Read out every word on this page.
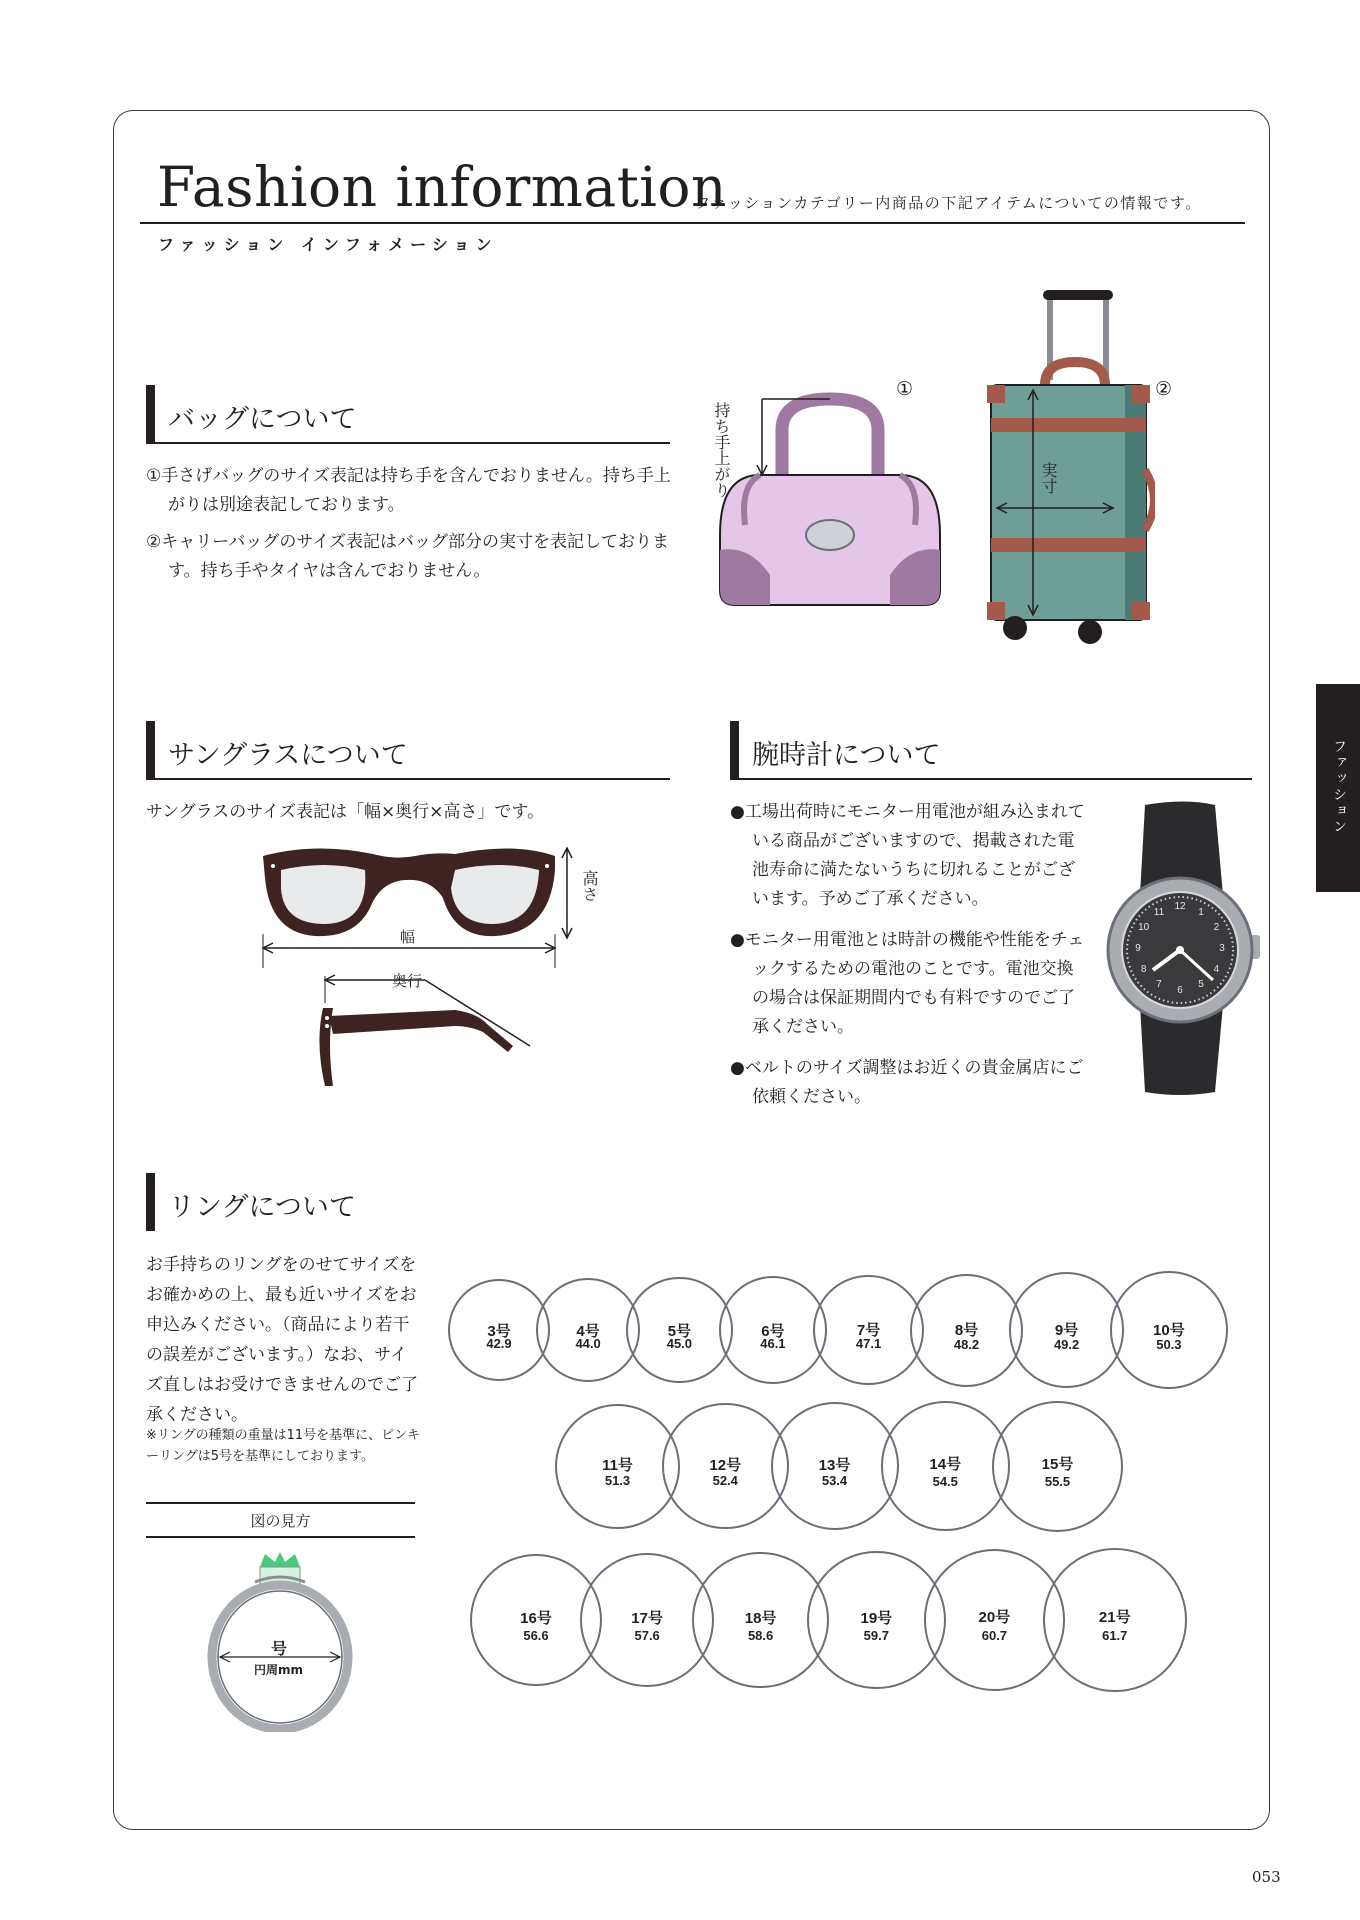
Fashion information
ファッションカテゴリー内商品の下記アイテムについての情報です。
ファッション インフォメーション
ファッション
バッグについて
①手さげバッグのサイズ表記は持ち手を含んでおりません。持ち手上がりは別途表記しております。
②キャリーバッグのサイズ表記はバッグ部分の実寸を表記しております。持ち手やタイヤは含んでおりません。
持ち手上がり
①
実寸
②
サングラスについて
サングラスのサイズ表記は「幅×奥行×高さ」です。
幅
奥行
高さ
腕時計について
●工場出荷時にモニター用電池が組み込まれている商品がございますので、掲載された電池寿命に満たないうちに切れることがございます。予めご了承ください。
●モニター用電池とは時計の機能や性能をチェックするための電池のことです。電池交換の場合は保証期間内でも有料ですのでご了承ください。
●ベルトのサイズ調整はお近くの貴金属店にご依頼ください。
12
1
2
3
4
5
6
7
8
9
10
11
リングについて
お手持ちのリングをのせてサイズをお確かめの上、最も近いサイズをお申込みください。（商品により若干の誤差がございます。）なお、サイズ直しはお受けできませんのでご了承ください。
※リングの種類の重量は11号を基準に、ピンキーリングは5号を基準にしております。
図の見方
号
円周mm
053
3号
42.9
4号
44.0
5号
45.0
6号
46.1
7号
47.1
8号
48.2
9号
49.2
10号
50.3
11号
51.3
12号
52.4
13号
53.4
14号
54.5
15号
55.5
16号
56.6
17号
57.6
18号
58.6
19号
59.7
20号
60.7
21号
61.7
